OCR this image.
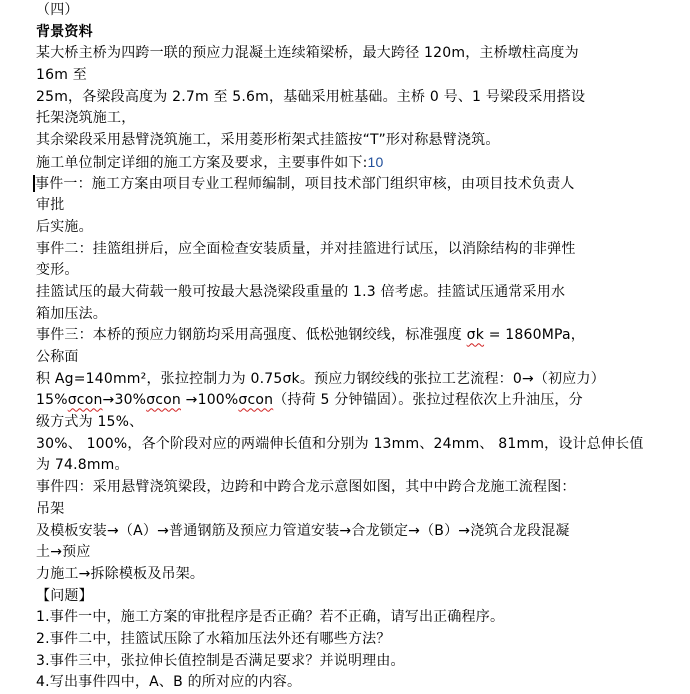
（四）
背景资料
某大桥主桥为四跨一联的预应力混凝土连续箱梁桥，最大跨径 120m，主桥墩柱高度为
16m 至
25m，各梁段高度为 2.7m 至 5.6m，基础采用桩基础。主桥 0 号、1 号梁段采用搭设
托架浇筑施工，
其余梁段采用悬臂浇筑施工，采用菱形桁架式挂篮按“T”形对称悬臂浇筑。
施工单位制定详细的施工方案及要求，主要事件如下:10
事件一：施工方案由项目专业工程师编制，项目技术部门组织审核，由项目技术负责人
审批
后实施。
事件二：挂篮组拼后，应全面检查安装质量，并对挂篮进行试压，以消除结构的非弹性
变形。
挂篮试压的最大荷载一般可按最大悬浇梁段重量的 1.3 倍考虑。挂篮试压通常采用水
箱加压法。
事件三：本桥的预应力钢筋均采用高强度、低松弛钢绞线，标准强度 σk = 1860MPa，
公称面
积 Ag=140mm²，张拉控制力为 0.75σk。预应力钢绞线的张拉工艺流程：0→（初应力）
15%σcon→30%σcon →100%σcon（持荷 5 分钟锚固）。张拉过程依次上升油压，分
级方式为 15%、
30%、 100%，各个阶段对应的两端伸长值和分别为 13mm、24mm、 81mm，设计总伸长值
为 74.8mm。
事件四：采用悬臂浇筑梁段，边跨和中跨合龙示意图如图，其中中跨合龙施工流程图：
吊架
及模板安装→（A）→普通钢筋及预应力管道安装→合龙锁定→（B）→浇筑合龙段混凝
土→预应
力施工→拆除模板及吊架。
【问题】
1.事件一中，施工方案的审批程序是否正确？若不正确，请写出正确程序。
2.事件二中，挂篮试压除了水箱加压法外还有哪些方法？
3.事件三中，张拉伸长值控制是否满足要求？并说明理由。
4.写出事件四中，A、B 的所对应的内容。
